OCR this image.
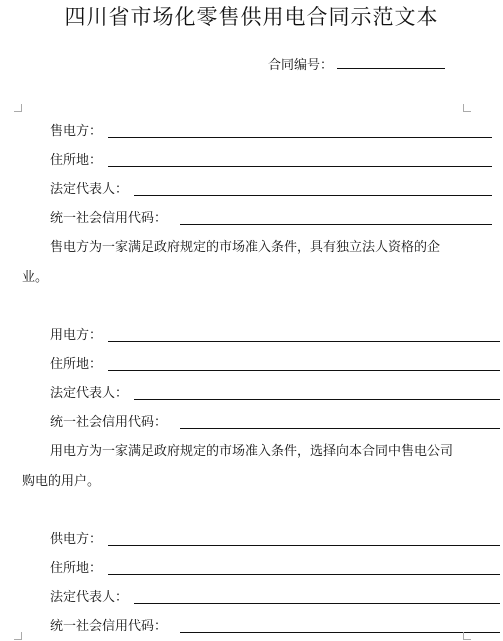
四川省市场化零售供用电合同示范文本
合同编号：
售电方：
住所地：
法定代表人：
统一社会信用代码：
售电方为一家满足政府规定的市场准入条件，具有独立法人资格的企业。
用电方：
住所地：
法定代表人：
统一社会信用代码：
用电方为一家满足政府规定的市场准入条件，选择向本合同中售电公司购电的用户。
供电方：
住所地：
法定代表人：
统一社会信用代码：
